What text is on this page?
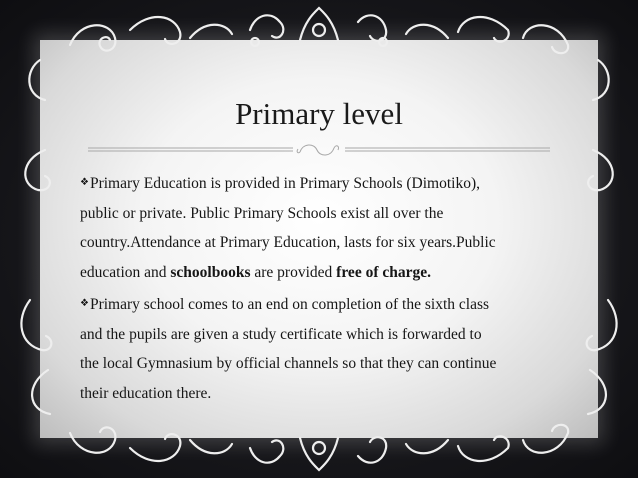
Primary level
❖Primary Education is provided in Primary Schools (Dimotiko),
public or private. Public Primary Schools exist all over the
country.Attendance at Primary Education, lasts for six years.Public
education and schoolbooks are provided free of charge.
❖Primary school comes to an end on completion of the sixth class
and the pupils are given a study certificate which is forwarded to
the local Gymnasium by official channels so that they can continue
their education there.
